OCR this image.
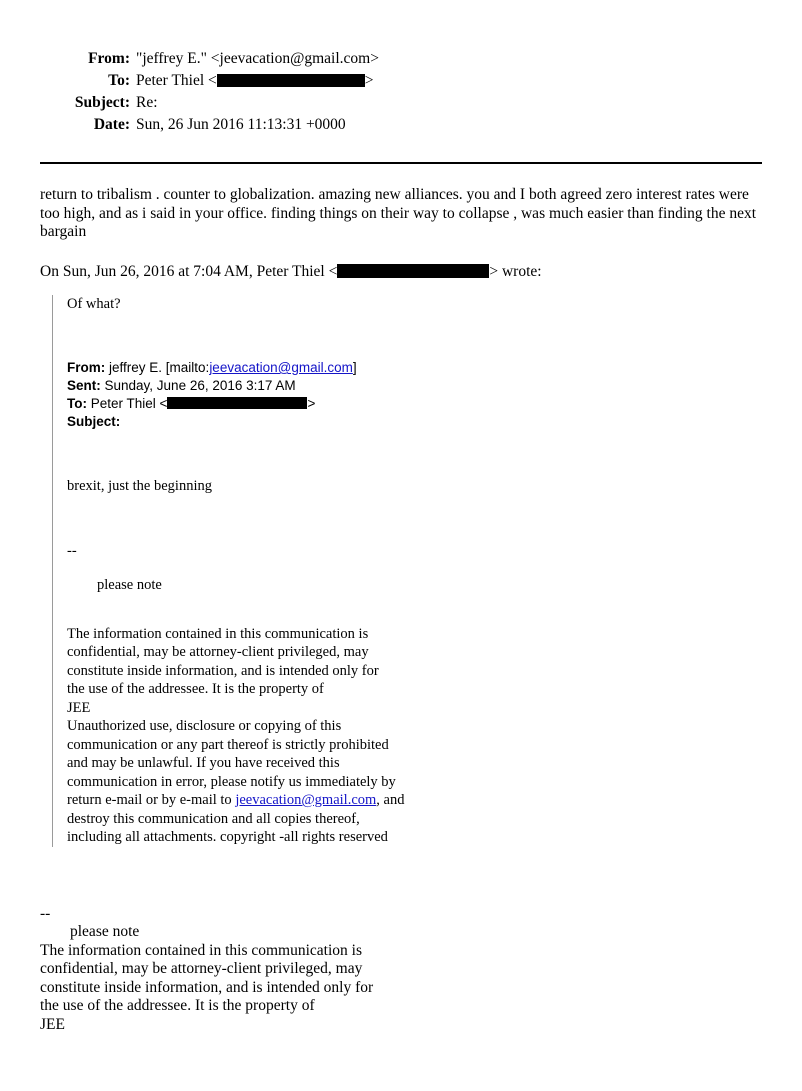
From: "jeffrey E." <jeevacation@gmail.com>
To: Peter Thiel <	>
Subject: Re:
Date: Sun, 26 Jun 2016 11:13:31 +0000
return to tribalism . counter to globalization. amazing new alliances. you and I both agreed zero interest rates were too high, and as i said in your office. finding things on their way to collapse , was much easier than finding the next bargain
On Sun, Jun 26, 2016 at 7:04 AM, Peter Thiel <	> wrote:
Of what?
From: jeffrey E. [mailto:jeevacation@gmail.com]
Sent: Sunday, June 26, 2016 3:17 AM
To: Peter Thiel <	>
Subject:
brexit, just the beginning
--
please note
The information contained in this communication is
confidential, may be attorney-client privileged, may
constitute inside information, and is intended only for
the use of the addressee. It is the property of
JEE
Unauthorized use, disclosure or copying of this
communication or any part thereof is strictly prohibited
and may be unlawful. If you have received this
communication in error, please notify us immediately by
return e-mail or by e-mail to jeevacation@gmail.com, and
destroy this communication and all copies thereof,
including all attachments. copyright -all rights reserved
--
please note
The information contained in this communication is
confidential, may be attorney-client privileged, may
constitute inside information, and is intended only for
the use of the addressee. It is the property of
JEE
